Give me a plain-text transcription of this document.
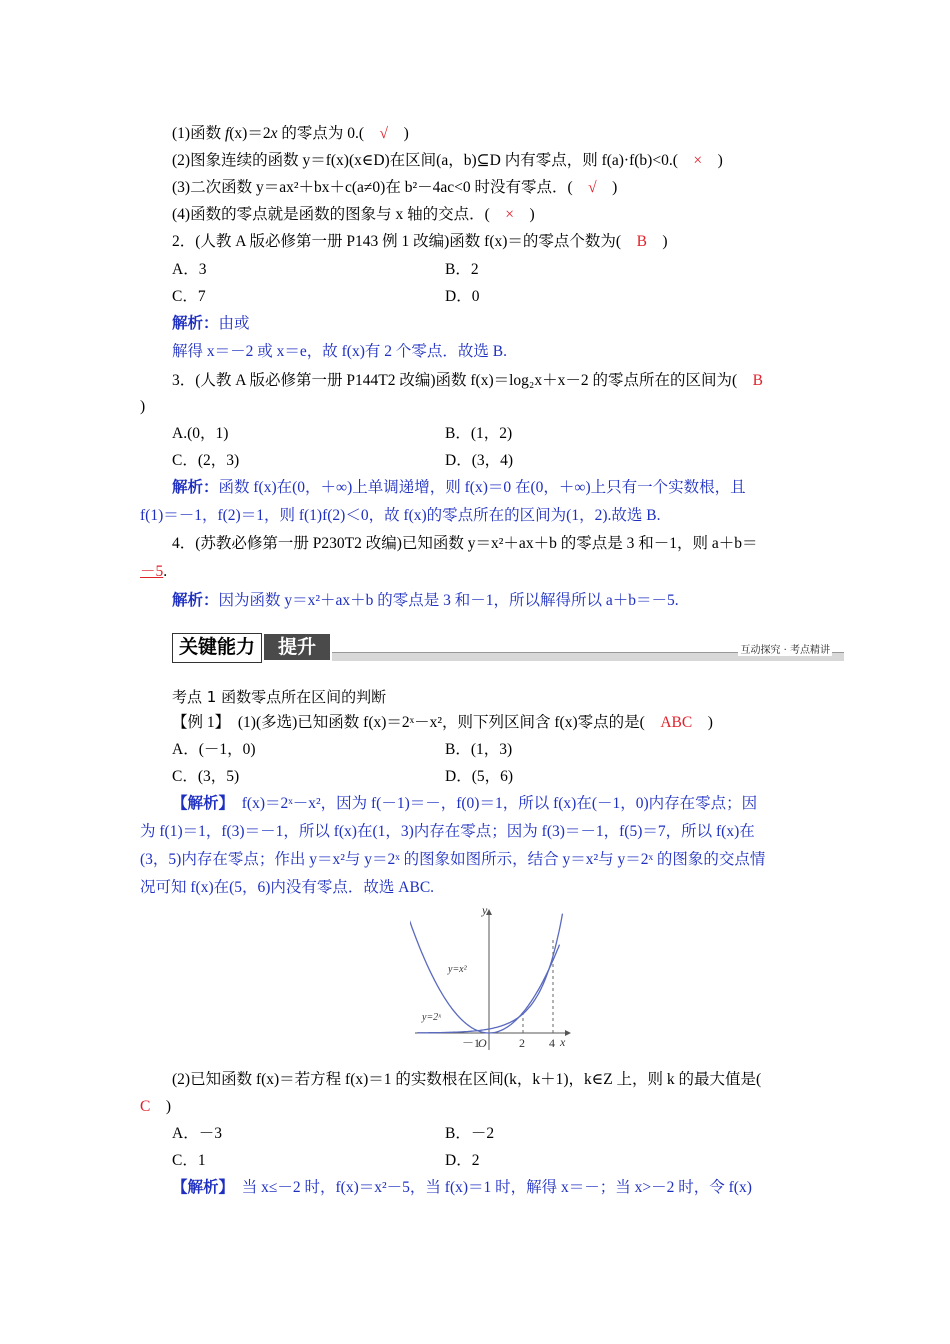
(1)函数 f(x)＝2x 的零点为 0.(　√　)
(2)图象连续的函数 y＝f(x)(x∈D)在区间(a，b)⊆D 内有零点，则 f(a)·f(b)<0.(　×　)
(3)二次函数 y＝ax²＋bx＋c(a≠0)在 b²－4ac<0 时没有零点．(　√　)
(4)函数的零点就是函数的图象与 x 轴的交点．(　×　)
2．(人教 A 版必修第一册 P143 例 1 改编)函数 f(x)＝的零点个数为(　B　)
A．3	B．2
C．7	D．0
解析：由或
解得 x＝－2 或 x＝e，故 f(x)有 2 个零点．故选 B.
3．(人教 A 版必修第一册 P144T2 改编)函数 f(x)＝log₂x＋x－2 的零点所在的区间为(　B
)
A.(0，1)	B．(1，2)
C．(2，3)	D．(3，4)
解析：函数 f(x)在(0，＋∞)上单调递增，则 f(x)＝0 在(0，＋∞)上只有一个实数根，且
f(1)＝－1，f(2)＝1，则 f(1)f(2)＜0，故 f(x)的零点所在的区间为(1，2).故选 B.
4．(苏教必修第一册 P230T2 改编)已知函数 y＝x²＋ax＋b 的零点是 3 和－1，则 a＋b＝
－5.
解析：因为函数 y＝x²＋ax＋b 的零点是 3 和－1，所以解得所以 a＋b＝－5.
关键能力	提升	互动探究 · 考点精讲
考点 1 函数零点所在区间的判断
【例 1】　(1)(多选)已知函数 f(x)＝2ˣ－x²，则下列区间含 f(x)零点的是(　ABC　)
A．(－1，0)	B．(1，3)
C．(3，5)	D．(5，6)
【解析】　f(x)＝2ˣ－x²，因为 f(－1)＝－，f(0)＝1，所以 f(x)在(－1，0)内存在零点；因
为 f(1)＝1，f(3)＝－1，所以 f(x)在(1，3)内存在零点；因为 f(3)＝－1，f(5)＝7，所以 f(x)在
(3，5)内存在零点；作出 y＝x²与 y＝2ˣ 的图象如图所示，结合 y＝x²与 y＝2ˣ 的图象的交点情
况可知 f(x)在(5，6)内没有零点．故选 ABC.
y
x
O
－1	2 4
y=x²
y=2ˣ
(2)已知函数 f(x)＝若方程 f(x)＝1 的实数根在区间(k，k＋1)，k∈Z 上，则 k 的最大值是(
C　)
A．－3	B．－2
C．1	D．2
【解析】　当 x≤－2 时，f(x)＝x²－5，当 f(x)＝1 时，解得 x＝－；当 x>－2 时，令 f(x)
